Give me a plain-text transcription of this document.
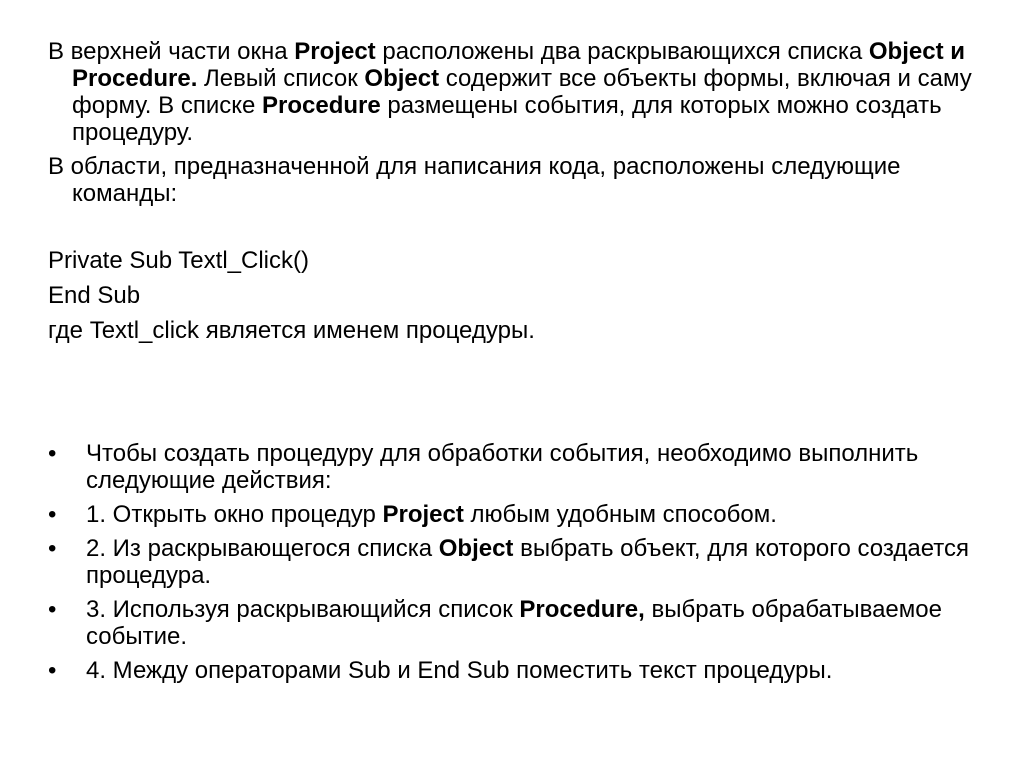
В верхней части окна Project расположены два раскрывающихся списка Object и Procedure. Левый список Object содержит все объекты формы, включая и саму форму. В списке Procedure размещены события, для которых можно создать процедуру.

В области, предназначенной для написания кода, расположены следующие команды:

Private Sub Textl_Click()

End Sub

где Textl_click является именем процедуры.

• Чтобы создать процедуру для обработки события, необходимо выполнить следующие действия:
• 1. Открыть окно процедур Project любым удобным способом.
• 2. Из раскрывающегося списка Object выбрать объект, для которого создается процедура.
• 3. Используя раскрывающийся список Procedure, выбрать обрабатываемое событие.
• 4. Между операторами Sub и End Sub поместить текст процедуры.
